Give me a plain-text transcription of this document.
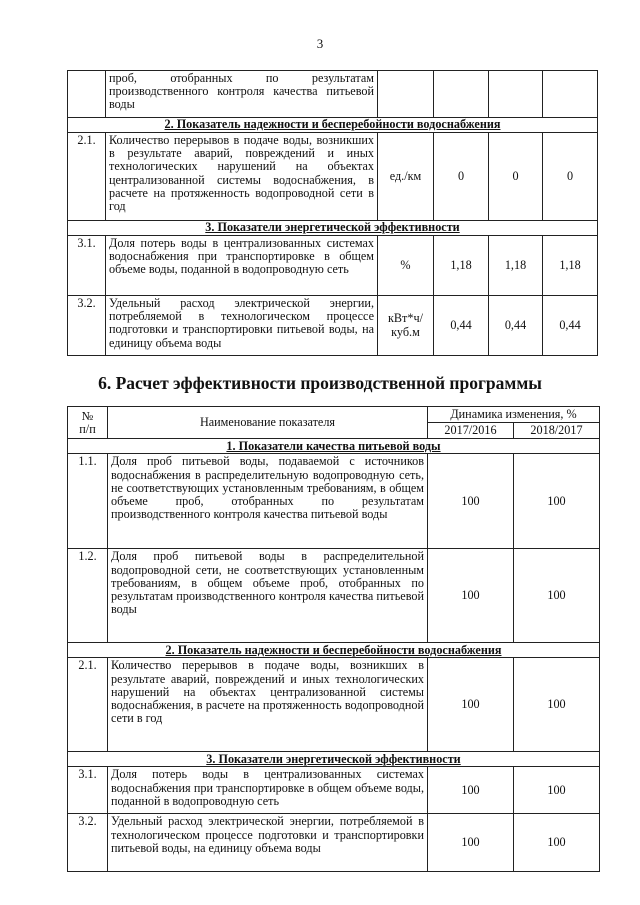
3
	проб, отобранных по результатам производственного контроля качества питьевой воды				
2. Показатель надежности и бесперебойности водоснабжения					
2.1.	Количество перерывов в подаче воды, возникших в результате аварий, повреждений и иных технологических нарушений на объектах централизованной системы водоснабжения, в расчете на протяженность водопроводной сети в год	ед./км	0	0	0
3. Показатели энергетической эффективности					
3.1.	Доля потерь воды в централизованных системах водоснабжения при транспортировке в общем объеме воды, поданной в водопроводную сеть	%	1,18	1,18	1,18
3.2.	Удельный расход электрической энергии, потребляемой в технологическом процессе подготовки и транспортировки питьевой воды, на единицу объема воды	кВт*ч/ куб.м	0,44	0,44	0,44
6. Расчет эффективности производственной программы
№
п/п	Наименование показателя	Динамика изменения, %	
		2017/2016	2018/2017
1. Показатели качества питьевой воды			
1.1.	Доля проб питьевой воды, подаваемой с источников водоснабжения в распределительную водопроводную сеть, не соответствующих установленным требованиям, в общем объеме проб, отобранных по результатам производственного контроля качества питьевой воды	100	100
1.2.	Доля проб питьевой воды в распределительной водопроводной сети, не соответствующих установленным требованиям, в общем объеме проб, отобранных по результатам производственного контроля качества питьевой воды	100	100
2. Показатель надежности и бесперебойности водоснабжения			
2.1.	Количество перерывов в подаче воды, возникших в результате аварий, повреждений и иных технологических нарушений на объектах централизованной системы водоснабжения, в расчете на протяженность водопроводной сети в год	100	100
3. Показатели энергетической эффективности			
3.1.	Доля потерь воды в централизованных системах водоснабжения при транспортировке в общем объеме воды, поданной в водопроводную сеть	100	100
3.2.	Удельный расход электрической энергии, потребляемой в технологическом процессе подготовки и транспортировки питьевой воды, на единицу объема воды	100	100
